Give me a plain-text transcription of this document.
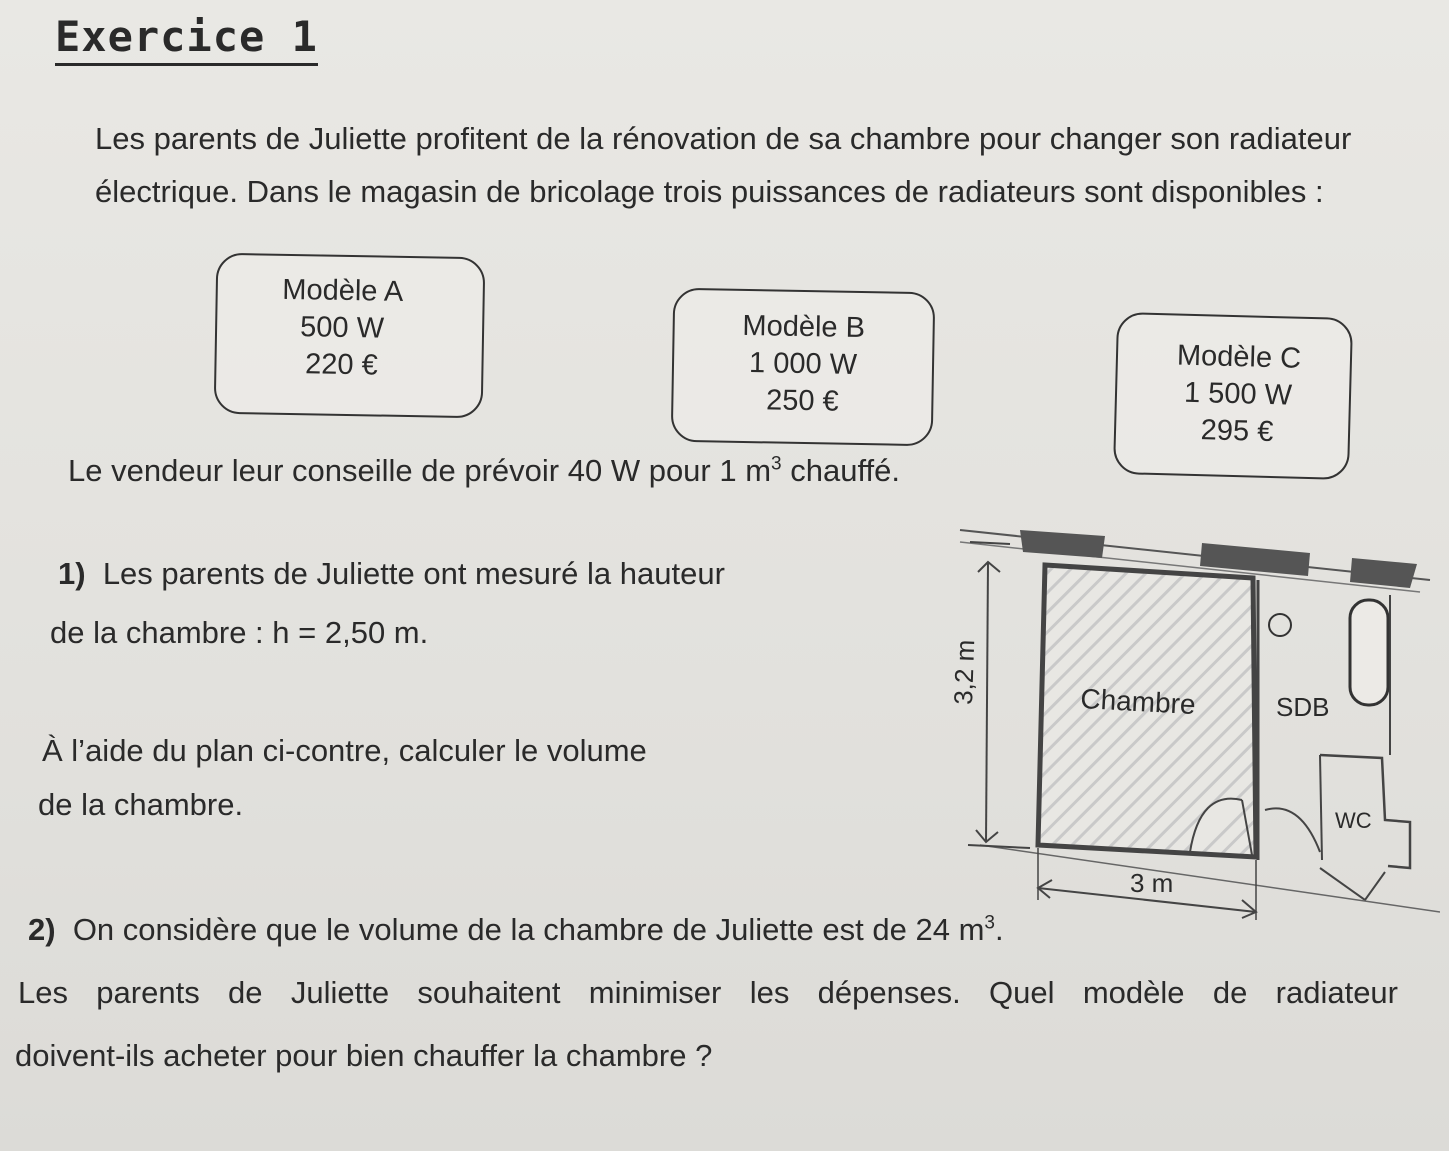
Exercice 1
Les parents de Juliette profitent de la rénovation de sa chambre pour changer son radiateur électrique. Dans le magasin de bricolage trois puissances de radiateurs sont disponibles :
Modèle A
500 W
220 €
Modèle B
1 000 W
250 €
Modèle C
1 500 W
295 €
Le vendeur leur conseille de prévoir 40 W pour 1 $m^3$ chauffé.
1) Les parents de Juliette ont mesuré la hauteur
de la chambre : h = 2,50 m.
À l’aide du plan ci-contre, calculer le volume
de la chambre.
3,2 m
3 m
Chambre	SDB
WC
2) On considère que le volume de la chambre de Juliette est de 24 $m^3$.
Les parents de Juliette souhaitent minimiser les dépenses. Quel modèle de radiateur
doivent-ils acheter pour bien chauffer la chambre ?
